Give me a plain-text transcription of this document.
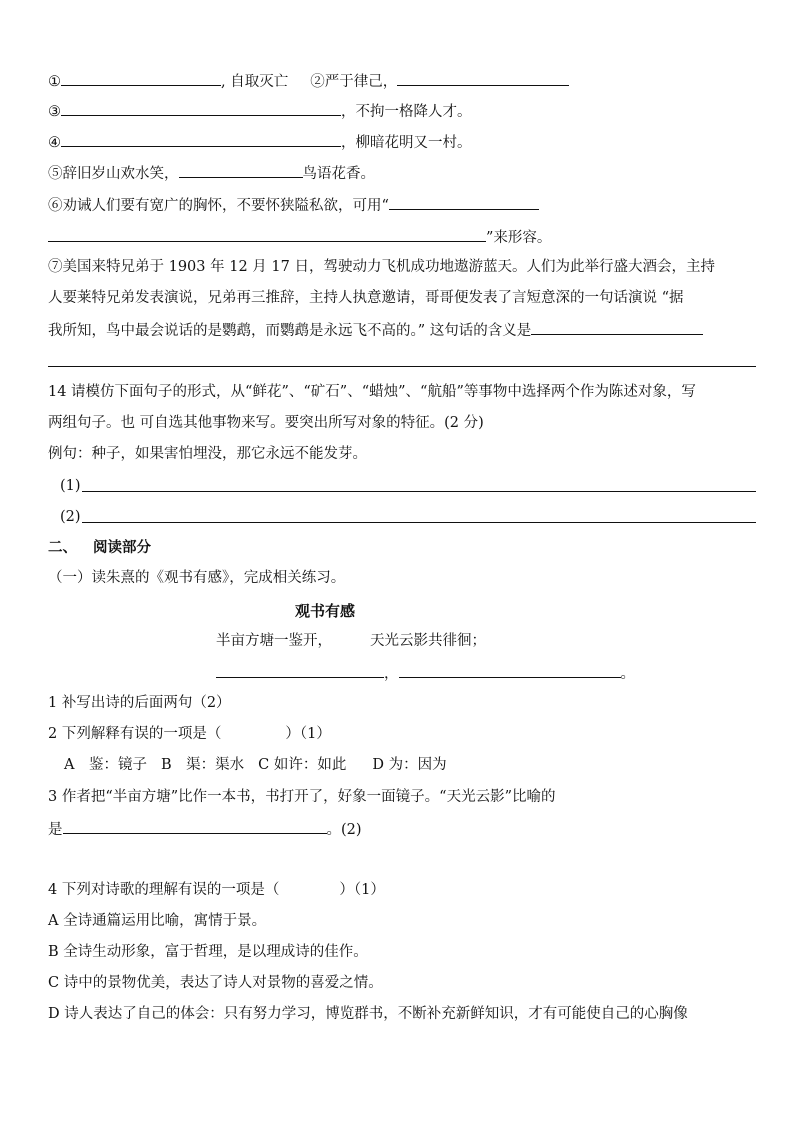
①	, 自取灭亡 ②严于律己，
③	，不拘一格降人才。
④	，柳暗花明又一村。
⑤辞旧岁山欢水笑，	鸟语花香。
⑥劝诫人们要有宽广的胸怀，不要怀狭隘私欲，可用“
”来形容。
⑦美国来特兄弟于 1903 年 12 月 17 日，驾驶动力飞机成功地遨游蓝天。人们为此举行盛大酒会，主持
人要莱特兄弟发表演说，兄弟再三推辞，主持人执意邀请，哥哥便发表了言短意深的一句话演说 “据
我所知，鸟中最会说话的是鹦鹉，而鹦鹉是永远飞不高的。” 这句话的含义是
14 请模仿下面句子的形式，从“鲜花”、“矿石”、“蜡烛”、“航船”等事物中选择两个作为陈述对象，写
两组句子。也 可自选其他事物来写。要突出所写对象的特征。(2 分)
例句：种子，如果害怕埋没，那它永远不能发芽。
(1)
(2)
二、 阅读部分
（一）读朱熹的《观书有感》，完成相关练习。
观书有感
半亩方塘一鉴开，	天光云影共徘徊；
，	。
1 补写出诗的后面两句（2）
2 下列解释有误的一项是（	）（1）
A　鉴：镜子 B　渠：渠水 C 如许：如此 D 为：因为
3 作者把“半亩方塘”比作一本书，书打开了，好象一面镜子。“天光云影”比喻的
是	。(2)
4 下列对诗歌的理解有误的一项是（	）（1）
A 全诗通篇运用比喻，寓情于景。
B 全诗生动形象，富于哲理，是以理成诗的佳作。
C 诗中的景物优美，表达了诗人对景物的喜爱之情。
D 诗人表达了自己的体会：只有努力学习，博览群书，不断补充新鲜知识，才有可能使自己的心胸像
